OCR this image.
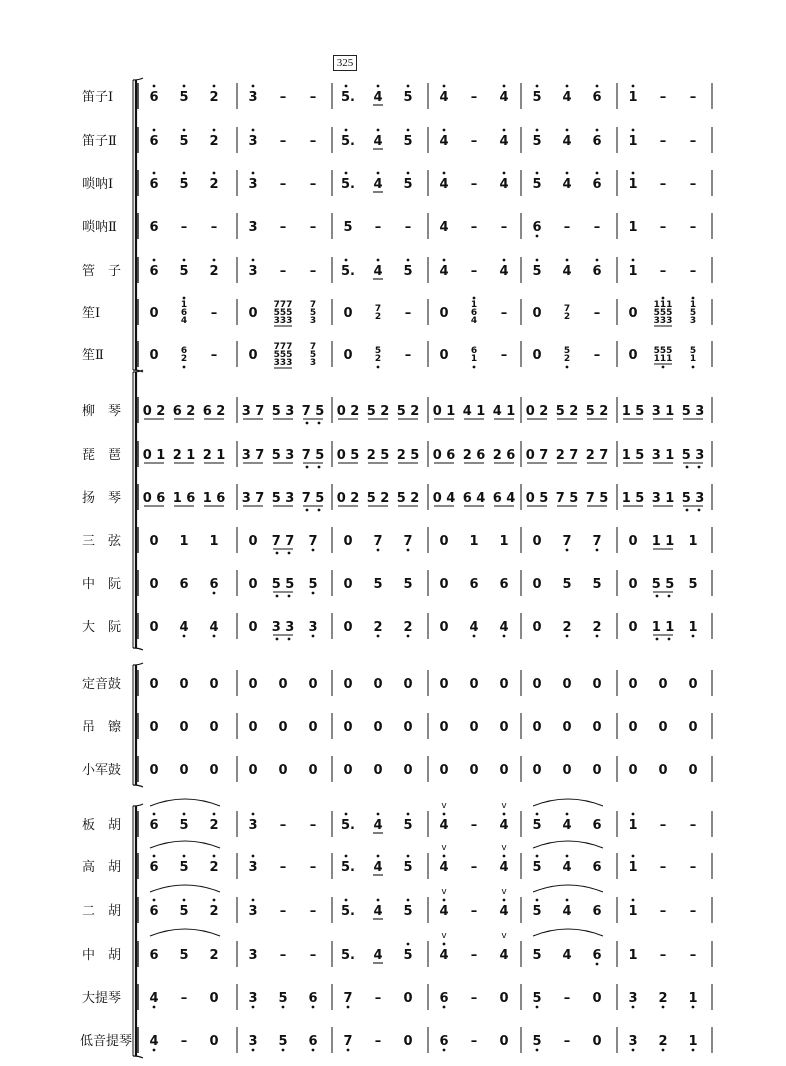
325
6 5 2 3 – – 5. 4 5 4 – 4 5 4 6 1 – –
6 5 2 3 – – 5. 4 5 4 – 4 5 4 6 1 – –
6 5 2 3 – – 5. 4 5 4 – 4 5 4 6 1 – –
6 – – 3 – – 5 – – 4 – – 6 – – 1 – –
6 5 2 3 – – 5. 4 5 4 – 4 5 4 6 1 – –
0
1
6
4 – 0
777
555
333
7
5
3 0 7
2 – 0
1
6
4 – 0 7
2 – 0
111
555
333
1
5
3
0 6
2 – 0
777
555
333
7
5
3 0 5
2 – 0 6
1 – 0 5
2 – 0 555
111
5
1
0 2 6 2 6 2 3 7 5 3 7 5 0 2 5 2 5 2 0 1 4 1 4 1 0 2 5 2 5 2 1 5 3 1 5 3
0 1 2 1 2 1 3 7 5 3 7 5 0 5 2 5 2 5 0 6 2 6 2 6 0 7 2 7 2 7 1 5 3 1 5 3
0 6 1 6 1 6 3 7 5 3 7 5 0 2 5 2 5 2 0 4 6 4 6 4 0 5 7 5 7 5 1 5 3 1 5 3
0 1 1 0 7 7 7 0 7 7 0 1 1 0 7 7 0 1 1 1
0 6 6 0 5 5 5 0 5 5 0 6 6 0 5 5 0 5 5 5
0 4 4 0 3 3 3 0 2 2 0 4 4 0 2 2 0 1 1 1
0 0 0 0 0 0 0 0 0 0 0 0 0 0 0 0 0 0
0 0 0 0 0 0 0 0 0 0 0 0 0 0 0 0 0 0
0 0 0 0 0 0 0 0 0 0 0 0 0 0 0 0 0 0
6 5 2 3 – – 5. 4 5 4
v
– 4
v
5 4 6 1 – –
6 5 2 3 – – 5. 4 5 4
v
– 4
v
5 4 6 1 – –
6 5 2 3 – – 5. 4 5 4
v
– 4
v
5 4 6 1 – –
6 5 2 3 – – 5. 4 5 4
v
– 4
v
5 4 6 1 – –
4 – 0 3 5 6 7 – 0 6 – 0 5 – 0 3 2 1
4 – 0 3 5 6 7 – 0 6 – 0 5 – 0 3 2 1
笛子Ⅰ
笛子Ⅱ
唢呐Ⅰ
唢呐Ⅱ
管　子
笙Ⅰ
笙Ⅱ
柳　琴
琵　琶
扬　琴
三　弦
中　阮
大　阮
定音鼓
吊　镲
小军鼓
板　胡
高　胡
二　胡
中　胡
大提琴
低音提琴
